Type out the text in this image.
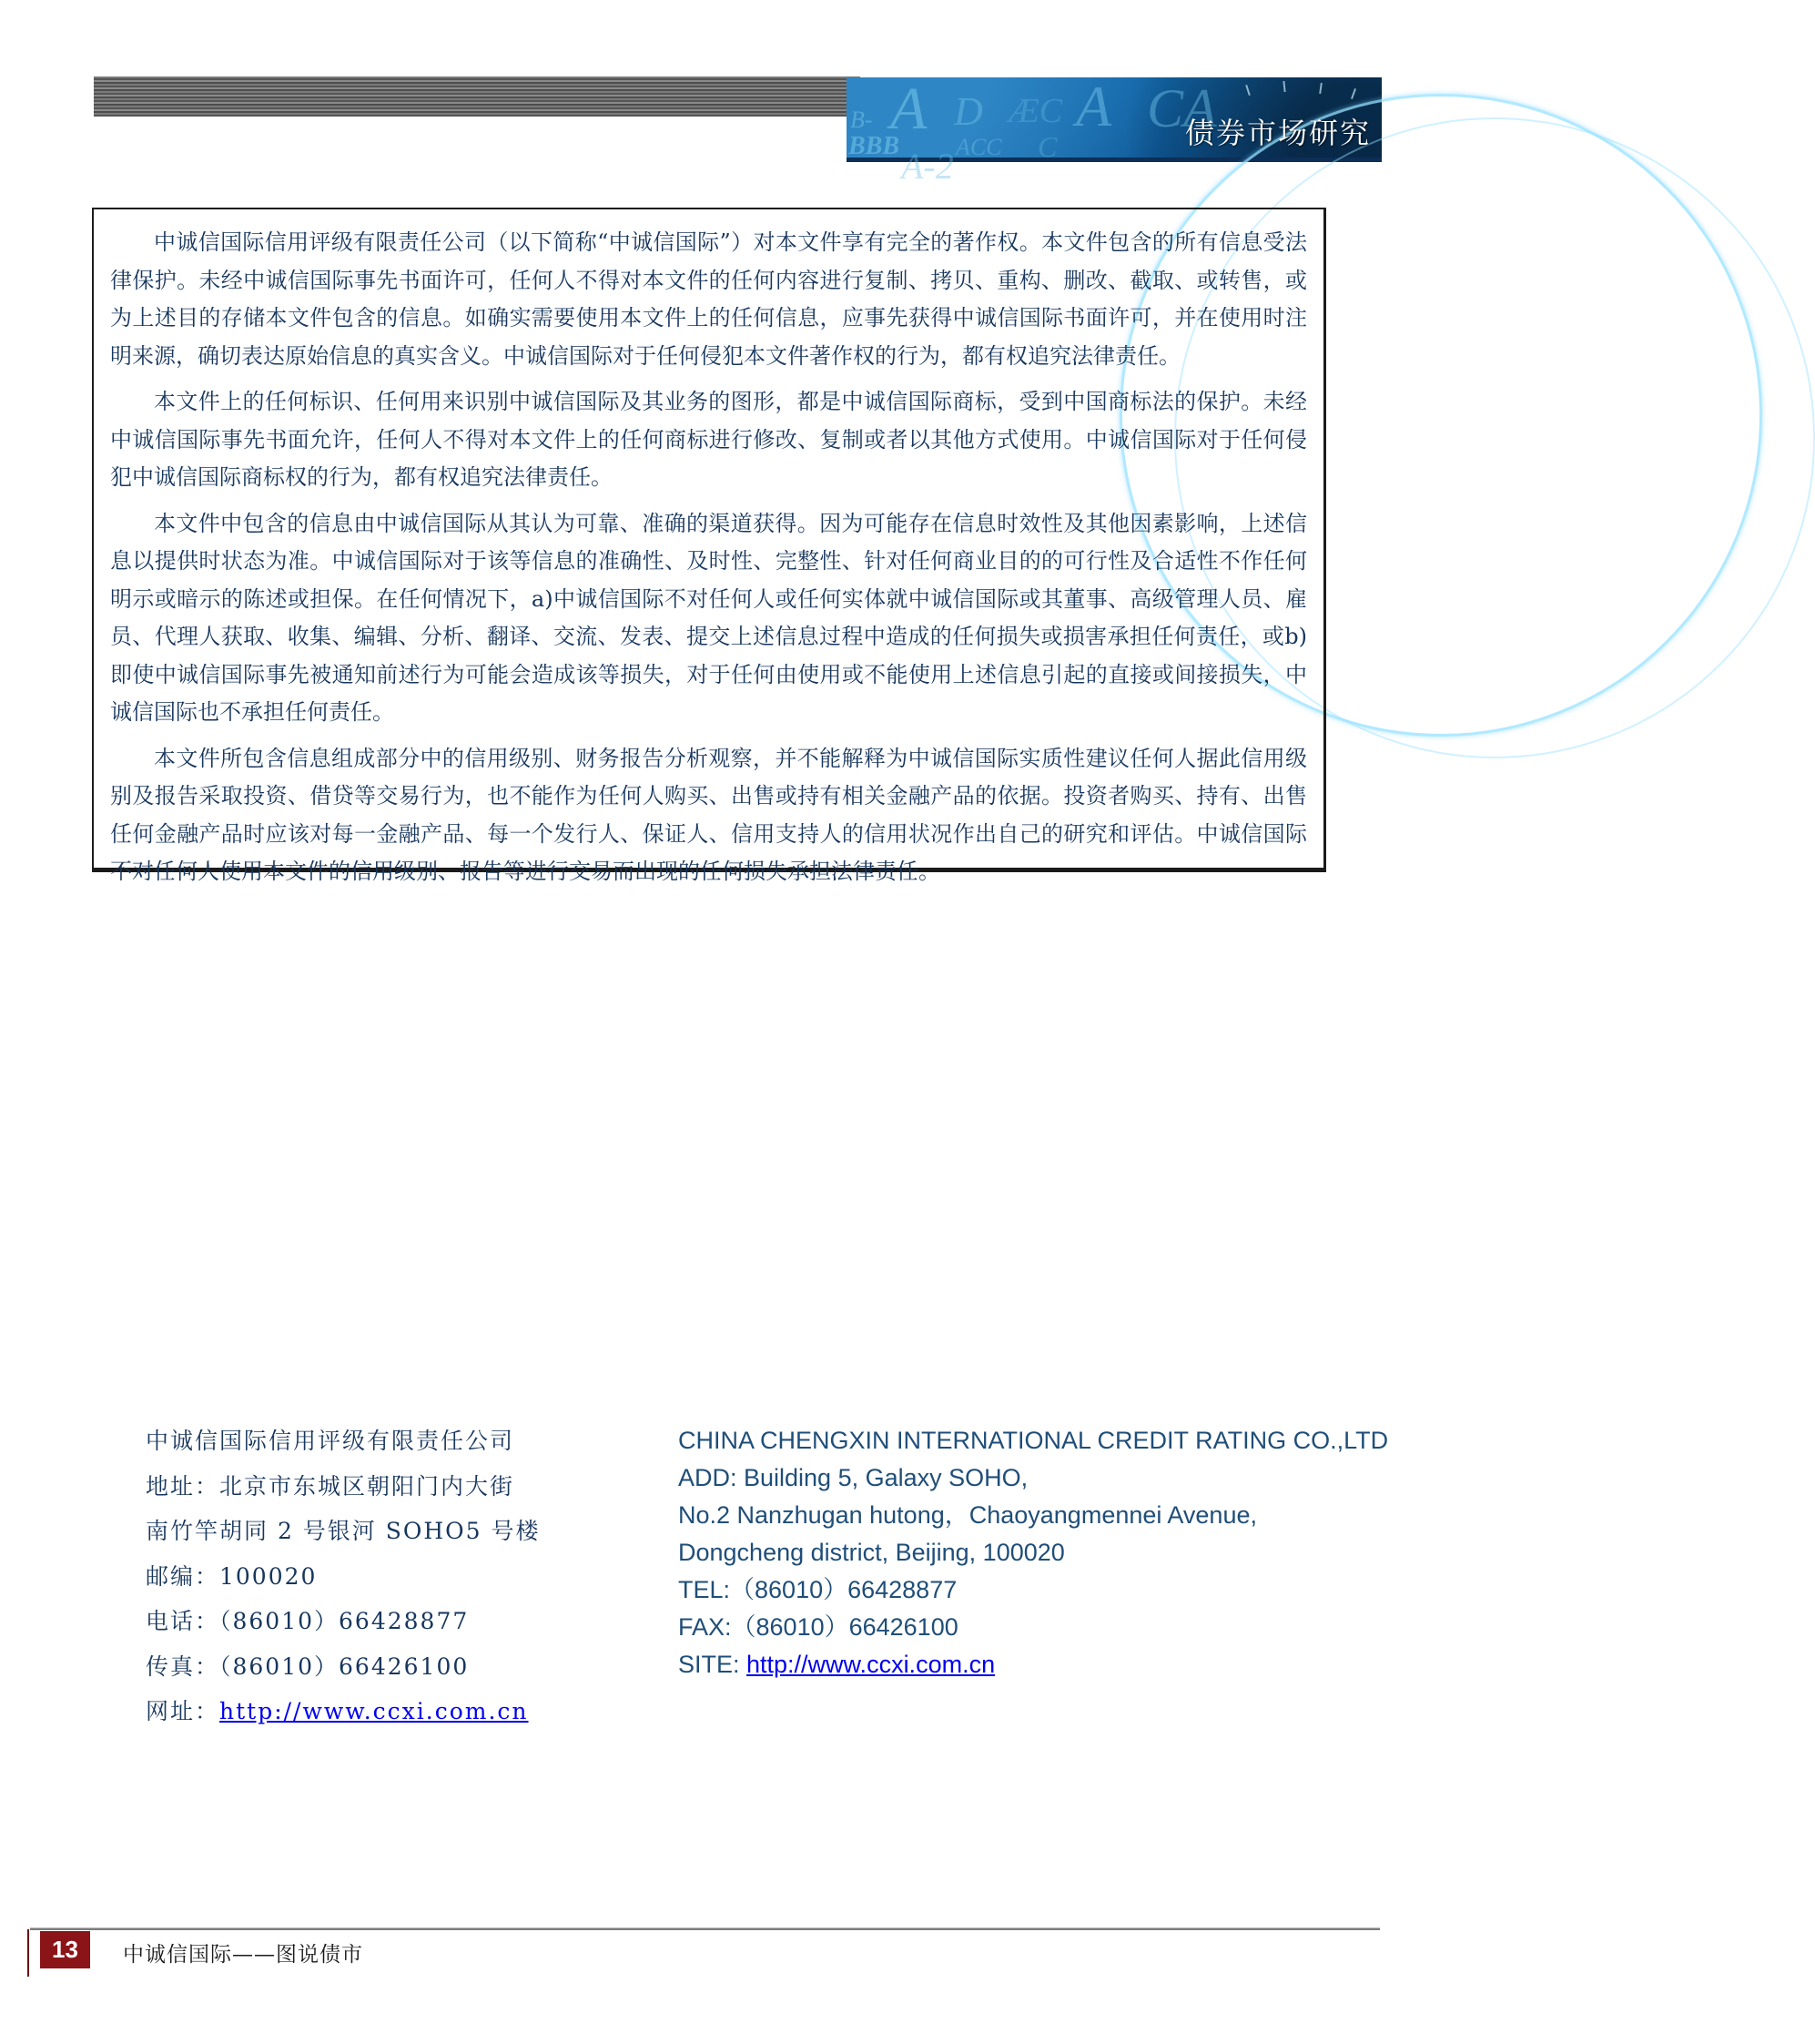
B- A D ÆC A CA
BBB ACC C
A-2
债券市场研究

中诚信国际信用评级有限责任公司（以下简称“中诚信国际”）对本文件享有完全的著作权。本文件包含的所有信息受法律保护。未经中诚信国际事先书面许可，任何人不得对本文件的任何内容进行复制、拷贝、重构、删改、截取、或转售，或为上述目的存储本文件包含的信息。如确实需要使用本文件上的任何信息，应事先获得中诚信国际书面许可，并在使用时注明来源，确切表达原始信息的真实含义。中诚信国际对于任何侵犯本文件著作权的行为，都有权追究法律责任。

本文件上的任何标识、任何用来识别中诚信国际及其业务的图形，都是中诚信国际商标，受到中国商标法的保护。未经中诚信国际事先书面允许，任何人不得对本文件上的任何商标进行修改、复制或者以其他方式使用。中诚信国际对于任何侵犯中诚信国际商标权的行为，都有权追究法律责任。

本文件中包含的信息由中诚信国际从其认为可靠、准确的渠道获得。因为可能存在信息时效性及其他因素影响，上述信息以提供时状态为准。中诚信国际对于该等信息的准确性、及时性、完整性、针对任何商业目的的可行性及合适性不作任何明示或暗示的陈述或担保。在任何情况下，a)中诚信国际不对任何人或任何实体就中诚信国际或其董事、高级管理人员、雇员、代理人获取、收集、编辑、分析、翻译、交流、发表、提交上述信息过程中造成的任何损失或损害承担任何责任，或b)即使中诚信国际事先被通知前述行为可能会造成该等损失，对于任何由使用或不能使用上述信息引起的直接或间接损失，中诚信国际也不承担任何责任。

本文件所包含信息组成部分中的信用级别、财务报告分析观察，并不能解释为中诚信国际实质性建议任何人据此信用级别及报告采取投资、借贷等交易行为，也不能作为任何人购买、出售或持有相关金融产品的依据。投资者购买、持有、出售任何金融产品时应该对每一金融产品、每一个发行人、保证人、信用支持人的信用状况作出自己的研究和评估。中诚信国际不对任何人使用本文件的信用级别、报告等进行交易而出现的任何损失承担法律责任。

中诚信国际信用评级有限责任公司
地址：北京市东城区朝阳门内大街
南竹竿胡同 2 号银河 SOHO5 号楼
邮编：100020
电话：（86010）66428877
传真：（86010）66426100
网址：http://www.ccxi.com.cn
CHINA CHENGXIN INTERNATIONAL CREDIT RATING CO.,LTD
ADD: Building 5, Galaxy SOHO,
No.2 Nanzhugan hutong，Chaoyangmennei Avenue,
Dongcheng district, Beijing, 100020
TEL:（86010）66428877
FAX:（86010）66426100
SITE: http://www.ccxi.com.cn
13	中诚信国际——图说债市
